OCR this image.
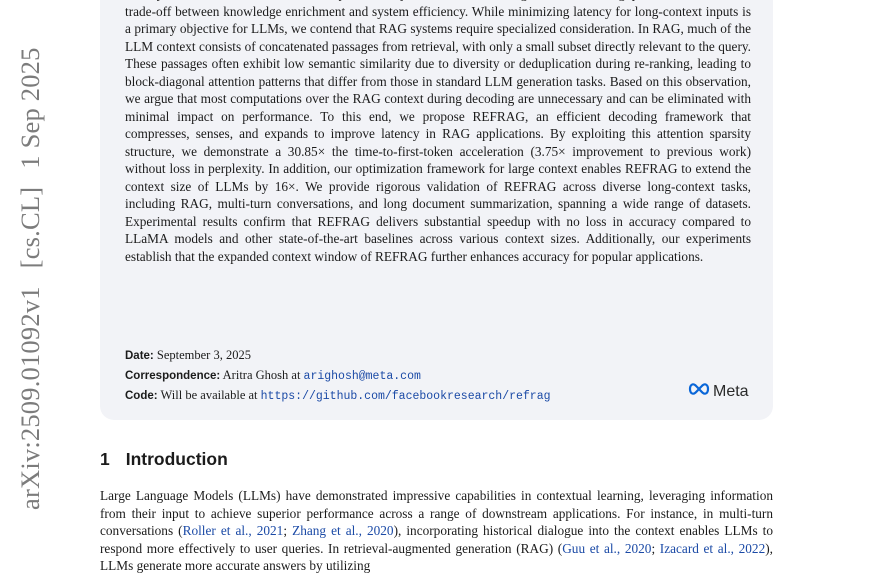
arXiv:2509.01092v1[cs.CL]1 Sep 2025
trade-off between knowledge enrichment and system efficiency. While minimizing latency for long-context inputs is a primary objective for LLMs, we contend that RAG systems require specialized consideration. In RAG, much of the LLM context consists of concatenated passages from retrieval, with only a small subset directly relevant to the query. These passages often exhibit low semantic similarity due to diversity or deduplication during re-ranking, leading to block-diagonal attention patterns that differ from those in standard LLM generation tasks. Based on this observation, we argue that most computations over the RAG context during decoding are unnecessary and can be eliminated with minimal impact on performance. To this end, we propose REFRAG, an efficient decoding framework that compresses, senses, and expands to improve latency in RAG applications. By exploiting this attention sparsity structure, we demonstrate a 30.85× the time-to-first-token acceleration (3.75× improvement to previous work) without loss in perplexity. In addition, our optimization framework for large context enables REFRAG to extend the context size of LLMs by 16×. We provide rigorous validation of REFRAG across diverse long-context tasks, including RAG, multi-turn conversations, and long document summarization, spanning a wide range of datasets. Experimental results confirm that REFRAG delivers substantial speedup with no loss in accuracy compared to LLaMA models and other state-of-the-art baselines across various context sizes. Additionally, our experiments establish that the expanded context window of REFRAG further enhances accuracy for popular applications.
Date: September 3, 2025
Correspondence: Aritra Ghosh at arighosh@meta.com
Code: Will be available at https://github.com/facebookresearch/refrag	Meta
1 Introduction
Large Language Models (LLMs) have demonstrated impressive capabilities in contextual learning, leveraging information from their input to achieve superior performance across a range of downstream applications. For instance, in multi-turn conversations (Roller et al., 2021; Zhang et al., 2020), incorporating historical dialogue into the context enables LLMs to respond more effectively to user queries. In retrieval-augmented generation (RAG) (Guu et al., 2020; Izacard et al., 2022), LLMs generate more accurate answers by utilizing
